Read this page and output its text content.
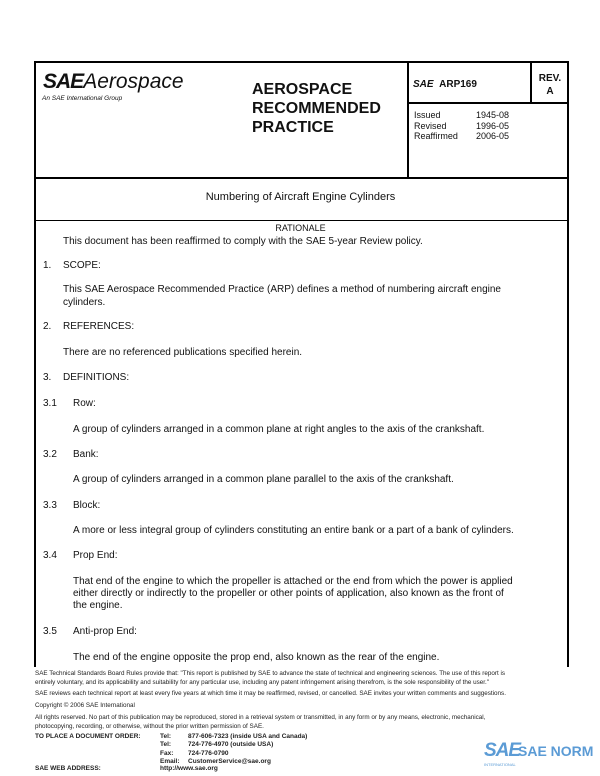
SAEAerospace
An SAE International Group
AEROSPACE
RECOMMENDED
PRACTICE
SAE ARP169
REV.
A
Issued	1945-08
Revised	1996-05
Reaffirmed 2006-05
Numbering of Aircraft Engine Cylinders
RATIONALE
This document has been reaffirmed to comply with the SAE 5-year Review policy.
1. SCOPE:
This SAE Aerospace Recommended Practice (ARP) defines a method of numbering aircraft engine
cylinders.
2. REFERENCES:
There are no referenced publications specified herein.
3. DEFINITIONS:
3.1 Row:
A group of cylinders arranged in a common plane at right angles to the axis of the crankshaft.
3.2 Bank:
A group of cylinders arranged in a common plane parallel to the axis of the crankshaft.
3.3 Block:
A more or less integral group of cylinders constituting an entire bank or a part of a bank of cylinders.
3.4 Prop End:
That end of the engine to which the propeller is attached or the end from which the power is applied
either directly or indirectly to the propeller or other points of application, also known as the front of
the engine.
3.5 Anti-prop End:
The end of the engine opposite the prop end, also known as the rear of the engine.
SAE Technical Standards Board Rules provide that: "This report is published by SAE to advance the state of technical and engineering sciences. The use of this report is
entirely voluntary, and its applicability and suitability for any particular use, including any patent infringement arising therefrom, is the sole responsibility of the user."
SAE reviews each technical report at least every five years at which time it may be reaffirmed, revised, or cancelled. SAE invites your written comments and suggestions.
Copyright © 2006 SAE International
All rights reserved. No part of this publication may be reproduced, stored in a retrieval system or transmitted, in any form or by any means, electronic, mechanical,
photocopying, recording, or otherwise, without the prior written permission of SAE.
TO PLACE A DOCUMENT ORDER:	Tel:	877-606-7323 (inside USA and Canada)
Tel:	724-776-4970 (outside USA)
Fax: 724-776-0790
Email: CustomerService@sae.org
SAE WEB ADDRESS:	http://www.sae.org
SAE
SAE NORM
INTERNATIONAL
